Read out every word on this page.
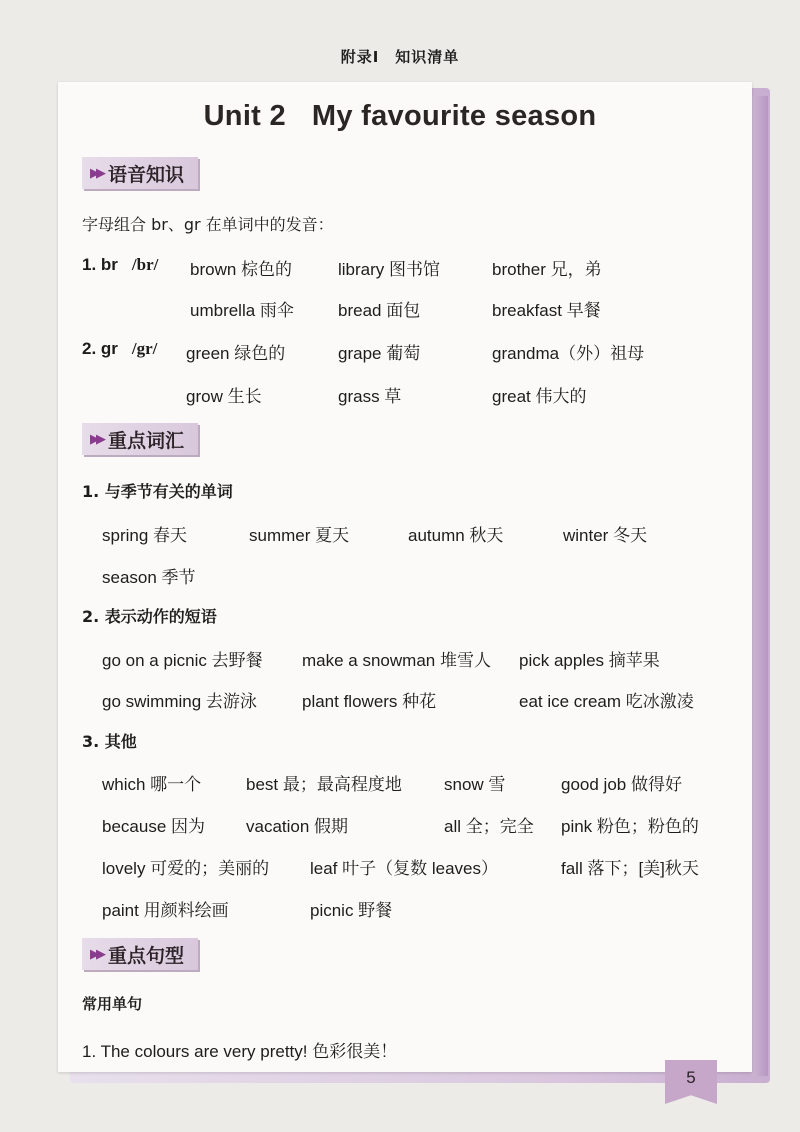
附录Ⅰ　知识清单
Unit 2 My favourite season
▶▶ 语音知识
字母组合 br、gr 在单词中的发音：
1. br /br/	brown 棕色的	library 图书馆	brother 兄，弟
umbrella 雨伞	bread 面包	breakfast 早餐
2. gr /gr/	green 绿色的	grape 葡萄	grandma（外）祖母
grow 生长	grass 草	great 伟大的
▶▶ 重点词汇
1. 与季节有关的单词
spring 春天	summer 夏天	autumn 秋天	winter 冬天
season 季节
2. 表示动作的短语
go on a picnic 去野餐 make a snowman 堆雪人 pick apples 摘苹果
go swimming 去游泳	plant flowers 种花	eat ice cream 吃冰激凌
3. 其他
which 哪一个	best 最；最高程度地 snow 雪	good job 做得好
because 因为 vacation 假期	all 全；完全 pink 粉色；粉色的
lovely 可爱的；美丽的 leaf 叶子（复数 leaves）	fall 落下；[美]秋天
paint 用颜料绘画	picnic 野餐
▶▶ 重点句型
常用单句
1. The colours are very pretty! 色彩很美！
5
